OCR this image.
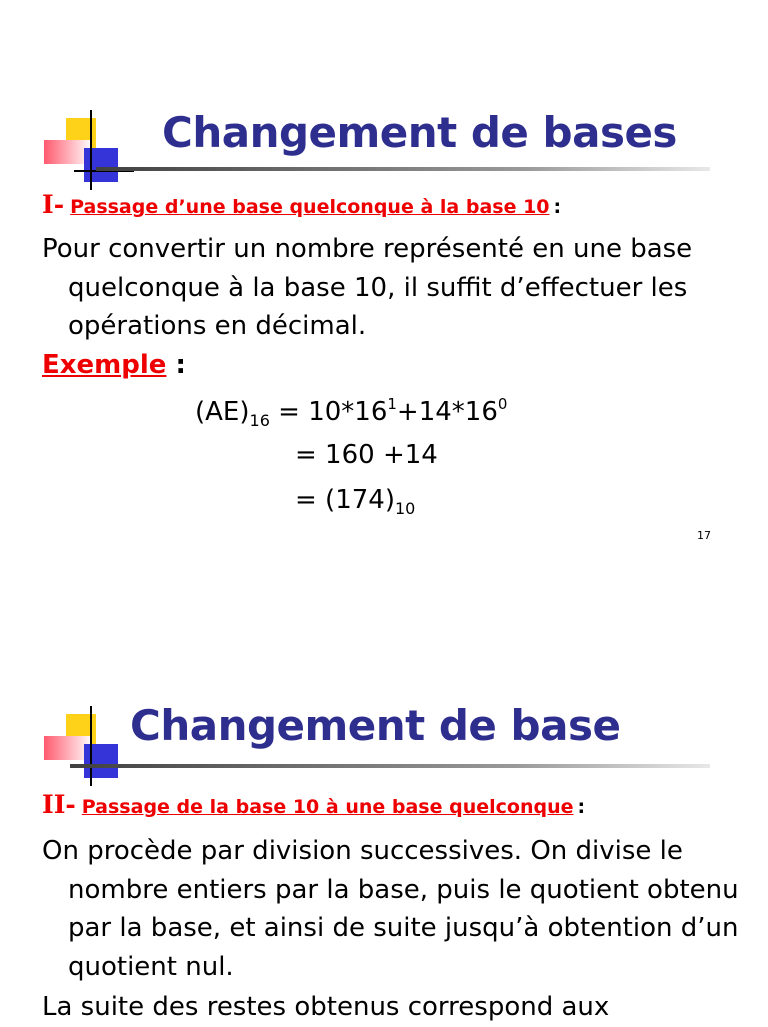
Changement de bases
I- Passage d’une base quelconque à la base 10 :

Pour convertir un nombre représenté en une base quelconque à la base 10, il suffit d’effectuer les opérations en décimal.

Exemple :
$(AE)_{16} = 10*16^1+14*16^0$
= 160 +14
= $(174)_{10}$
17
Changement de base
II- Passage de la base 10 à une base quelconque :

On procède par division successives. On divise le nombre entiers par la base, puis le quotient obtenu par la base, et ainsi de suite jusqu’à obtention d’un quotient nul.

La suite des restes obtenus correspond aux
